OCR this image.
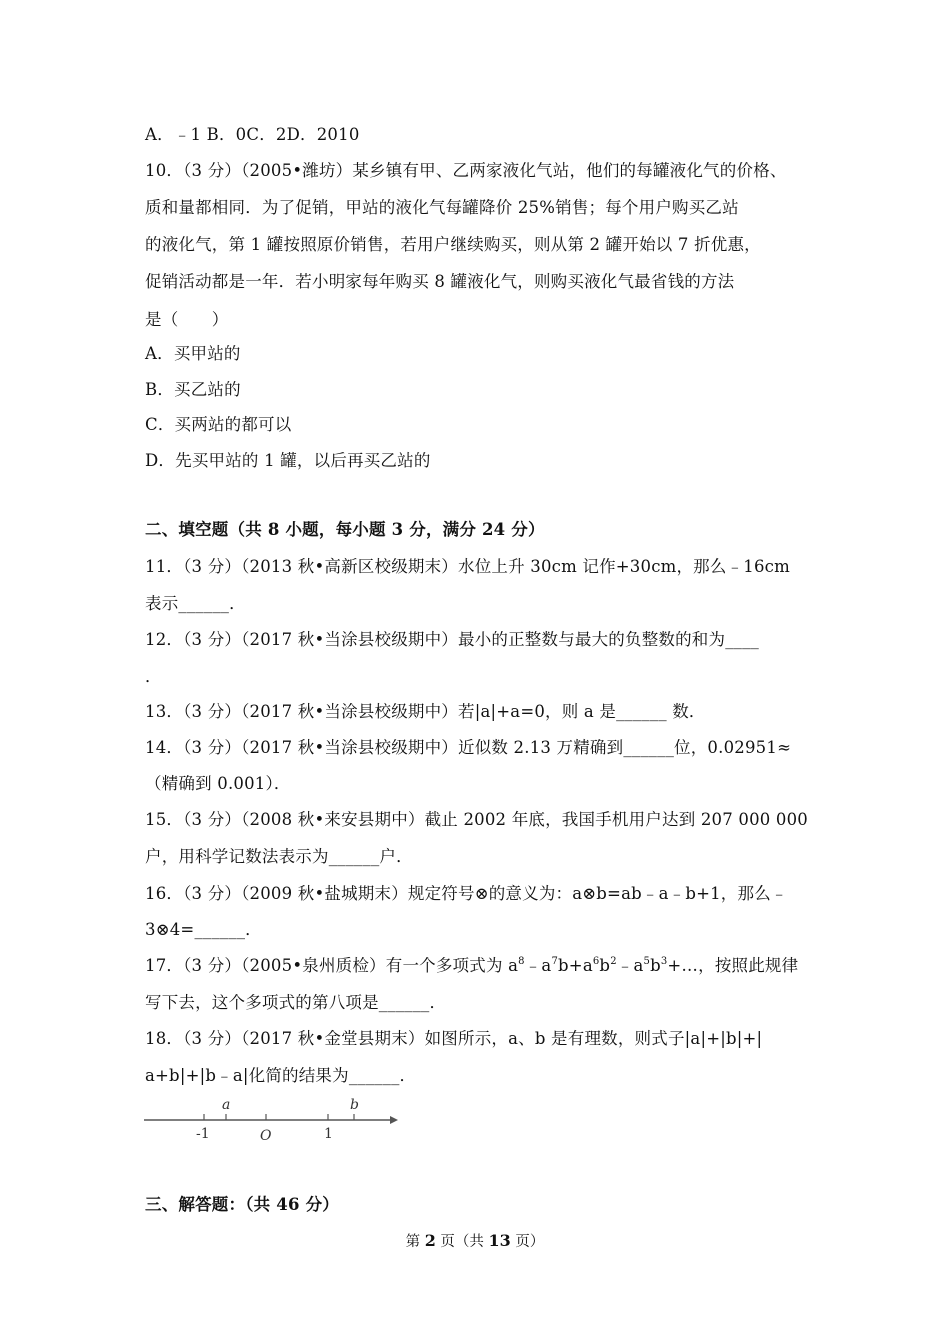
A．﹣1 B．0C．2D．2010
10．（3 分）（2005•潍坊）某乡镇有甲、乙两家液化气站，他们的每罐液化气的价格、
质和量都相同．为了促销，甲站的液化气每罐降价 25%销售；每个用户购买乙站
的液化气，第 1 罐按照原价销售，若用户继续购买，则从第 2 罐开始以 7 折优惠，
促销活动都是一年．若小明家每年购买 8 罐液化气，则购买液化气最省钱的方法
是（　　）
A．买甲站的
B．买乙站的
C．买两站的都可以
D．先买甲站的 1 罐，以后再买乙站的
二、填空题（共 8 小题，每小题 3 分，满分 24 分）
11．（3 分）（2013 秋•高新区校级期末）水位上升 30cm 记作+30cm，那么﹣16cm
表示______．
12．（3 分）（2017 秋•当涂县校级期中）最小的正整数与最大的负整数的和为____
．
13．（3 分）（2017 秋•当涂县校级期中）若|a|+a=0，则 a 是______ 数．
14．（3 分）（2017 秋•当涂县校级期中）近似数 2.13 万精确到______位，0.02951≈
（精确到 0.001）．
15．（3 分）（2008 秋•来安县期中）截止 2002 年底，我国手机用户达到 207 000 000
户，用科学记数法表示为______户．
16．（3 分）（2009 秋•盐城期末）规定符号⊗的意义为：a⊗b=ab﹣a﹣b+1，那么﹣
3⊗4=______．
17．（3 分）（2005•泉州质检）有一个多项式为 $a^8﹣a^7b+a^6b^2﹣a^5b^3+\dots$，按照此规律
写下去，这个多项式的第八项是______．
18．（3 分）（2017 秋•金堂县期末）如图所示，a、b 是有理数，则式子|a|+|b|+|
a+b|+|b﹣a|化简的结果为______．
a	b
-1	O	1
三、解答题：（共 46 分）
第 2 页（共 13 页）
